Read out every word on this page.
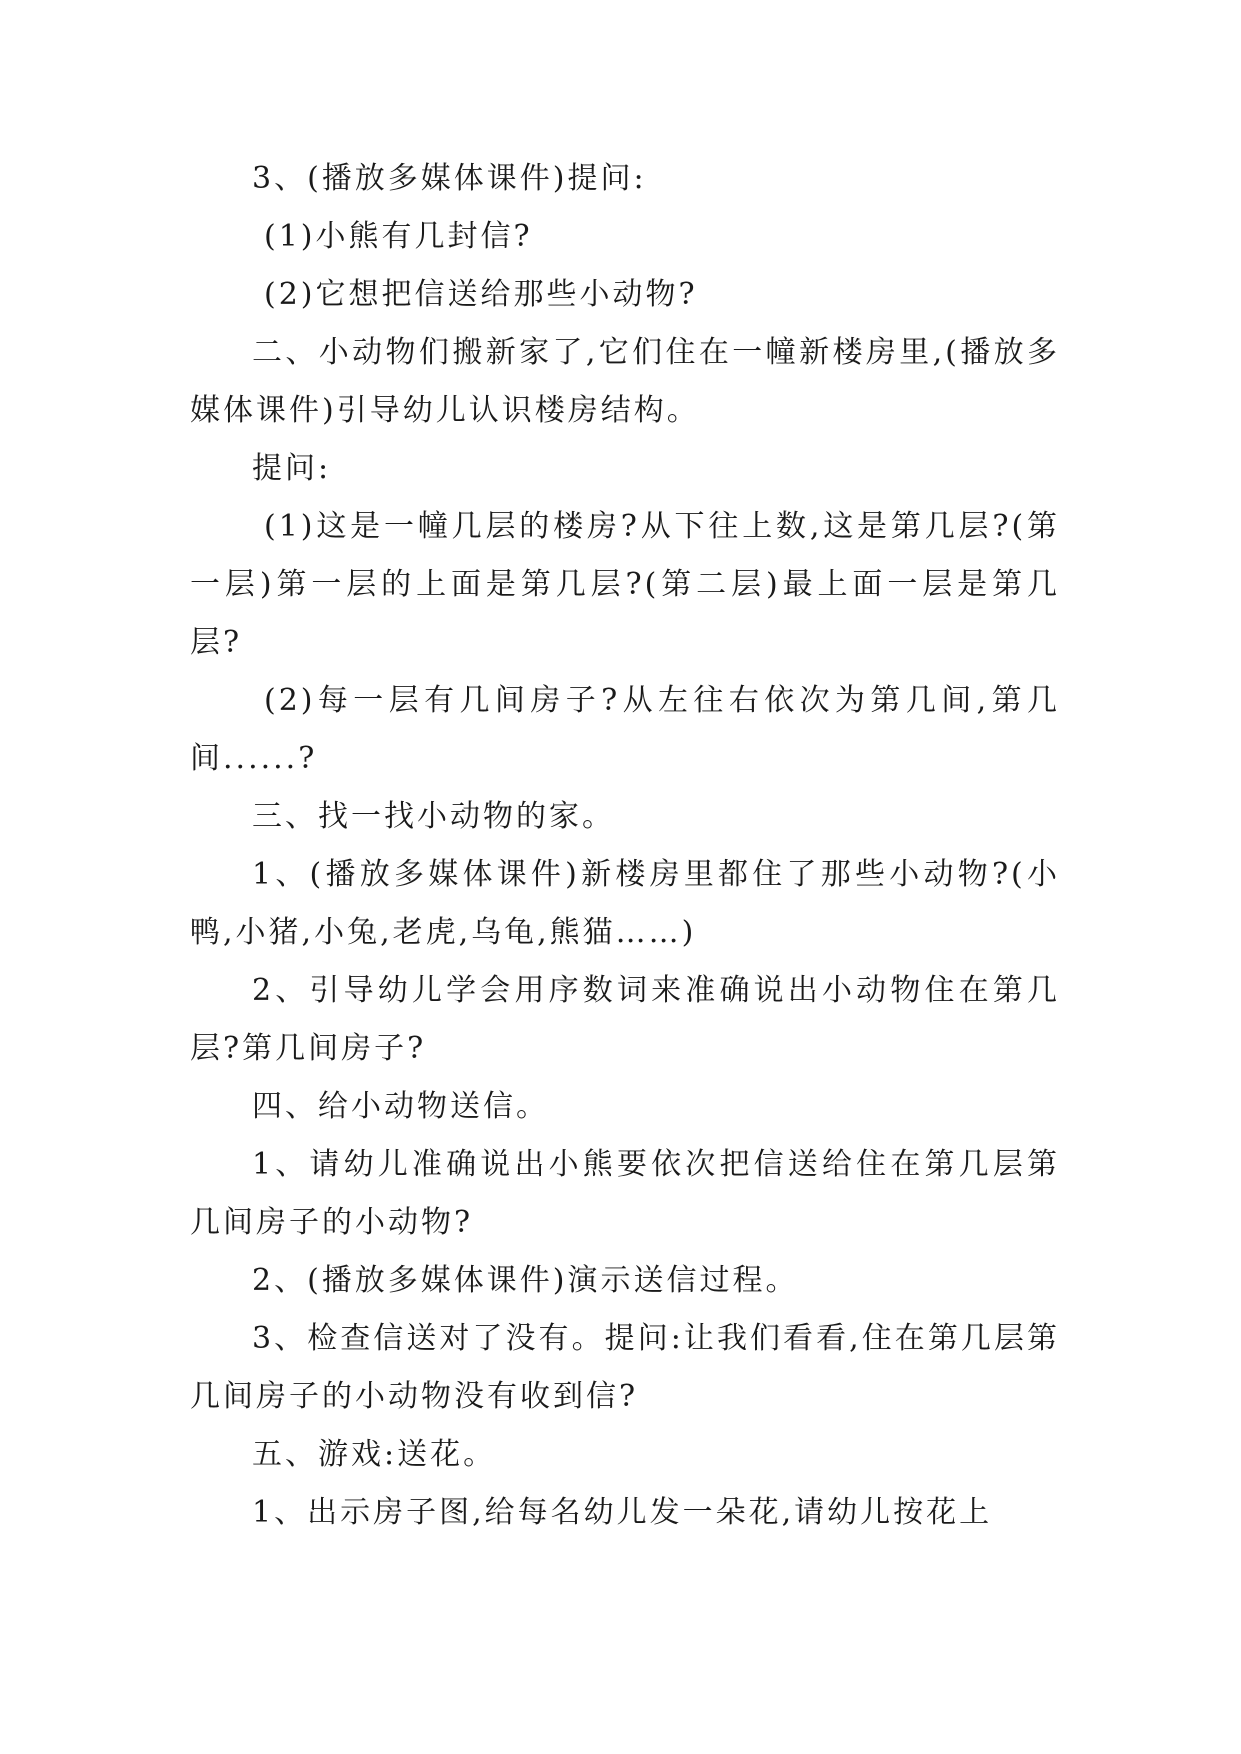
3、(播放多媒体课件)提问:

(1)小熊有几封信?

(2)它想把信送给那些小动物?

二、小动物们搬新家了,它们住在一幢新楼房里,(播放多媒体课件)引导幼儿认识楼房结构。

提问:

(1)这是一幢几层的楼房?从下往上数,这是第几层?(第一层)第一层的上面是第几层?(第二层)最上面一层是第几层?

(2)每一层有几间房子?从左往右依次为第几间,第几间......?

三、找一找小动物的家。

1、(播放多媒体课件)新楼房里都住了那些小动物?(小鸭,小猪,小兔,老虎,乌龟,熊猫……)

2、引导幼儿学会用序数词来准确说出小动物住在第几层?第几间房子?

四、给小动物送信。

1、请幼儿准确说出小熊要依次把信送给住在第几层第几间房子的小动物?

2、(播放多媒体课件)演示送信过程。

3、检查信送对了没有。提问:让我们看看,住在第几层第几间房子的小动物没有收到信?

五、游戏:送花。

1、出示房子图,给每名幼儿发一朵花,请幼儿按花上
